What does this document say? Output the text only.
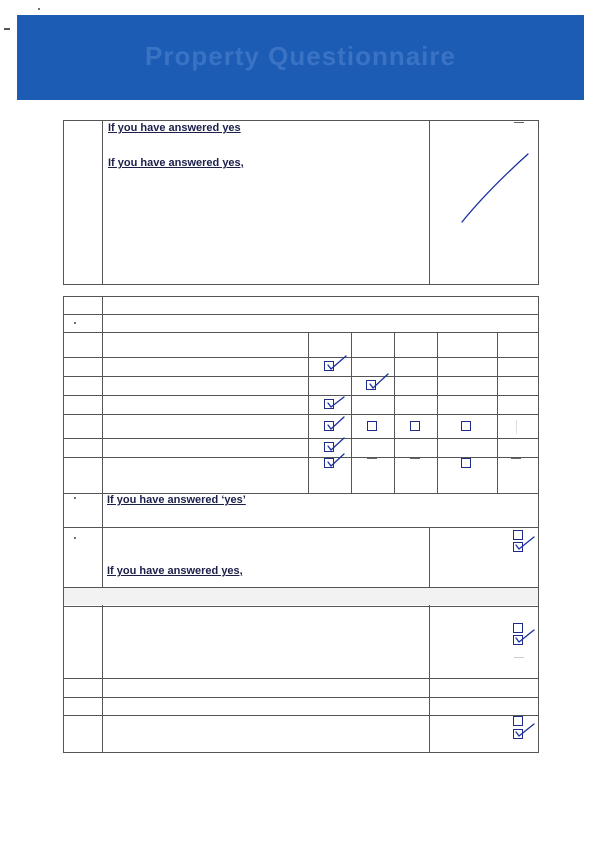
Property Questionnaire
If you have answered yes
If you have answered yes,
If you have answered ‘yes’
If you have answered yes,
